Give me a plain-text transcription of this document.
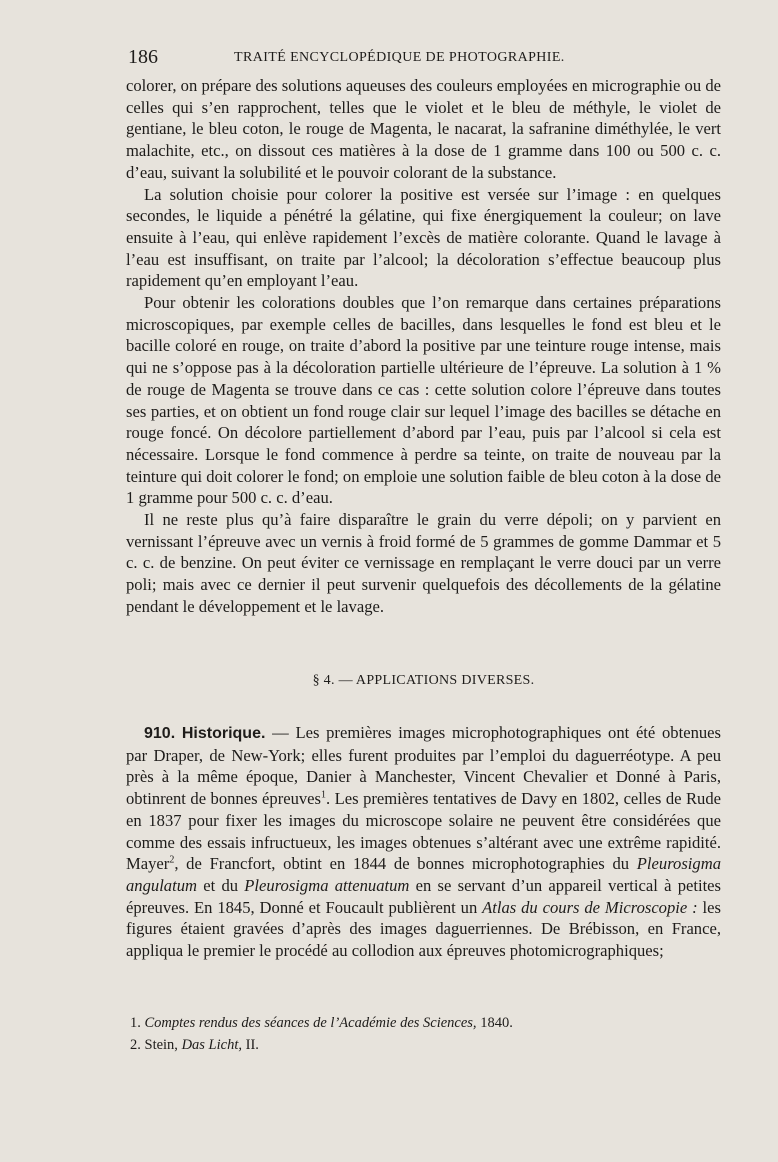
186	TRAITÉ ENCYCLOPÉDIQUE DE PHOTOGRAPHIE.

colorer, on prépare des solutions aqueuses des couleurs employées en micrographie ou de celles qui s’en rapprochent, telles que le violet et le bleu de méthyle, le violet de gentiane, le bleu coton, le rouge de Magenta, le nacarat, la safranine diméthylée, le vert malachite, etc., on dissout ces matières à la dose de 1 gramme dans 100 ou 500 c. c. d’eau, suivant la solubilité et le pouvoir colorant de la substance.

La solution choisie pour colorer la positive est versée sur l’image : en quelques secondes, le liquide a pénétré la gélatine, qui fixe énergiquement la couleur; on lave ensuite à l’eau, qui enlève rapidement l’excès de matière colorante. Quand le lavage à l’eau est insuffisant, on traite par l’alcool; la décoloration s’effectue beaucoup plus rapidement qu’en employant l’eau.

Pour obtenir les colorations doubles que l’on remarque dans certaines préparations microscopiques, par exemple celles de bacilles, dans lesquelles le fond est bleu et le bacille coloré en rouge, on traite d’abord la positive par une teinture rouge intense, mais qui ne s’oppose pas à la décoloration partielle ultérieure de l’épreuve. La solution à 1 % de rouge de Magenta se trouve dans ce cas : cette solution colore l’épreuve dans toutes ses parties, et on obtient un fond rouge clair sur lequel l’image des bacilles se détache en rouge foncé. On décolore partiellement d’abord par l’eau, puis par l’alcool si cela est nécessaire. Lorsque le fond commence à perdre sa teinte, on traite de nouveau par la teinture qui doit colorer le fond; on emploie une solution faible de bleu coton à la dose de 1 gramme pour 500 c. c. d’eau.

Il ne reste plus qu’à faire disparaître le grain du verre dépoli; on y parvient en vernissant l’épreuve avec un vernis à froid formé de 5 grammes de gomme Dammar et 5 c. c. de benzine. On peut éviter ce vernissage en remplaçant le verre douci par un verre poli; mais avec ce dernier il peut survenir quelquefois des décollements de la gélatine pendant le développement et le lavage.

§ 4. — APPLICATIONS DIVERSES.

910. Historique. — Les premières images microphotographiques ont été obtenues par Draper, de New-York; elles furent produites par l’emploi du daguerréotype. A peu près à la même époque, Danier à Manchester, Vincent Chevalier et Donné à Paris, obtinrent de bonnes épreuves$^1$. Les premières tentatives de Davy en 1802, celles de Rude en 1837 pour fixer les images du microscope solaire ne peuvent être considérées que comme des essais infructueux, les images obtenues s’altérant avec une extrême rapidité. Mayer$^2$, de Francfort, obtint en 1844 de bonnes microphotographies du Pleurosigma angulatum et du Pleurosigma attenuatum en se servant d’un appareil vertical à petites épreuves. En 1845, Donné et Foucault publièrent un Atlas du cours de Microscopie : les figures étaient gravées d’après des images daguerriennes. De Brébisson, en France, appliqua le premier le procédé au collodion aux épreuves photomicrographiques;

1. Comptes rendus des séances de l’Académie des Sciences, 1840.

2. Stein, Das Licht, II.
